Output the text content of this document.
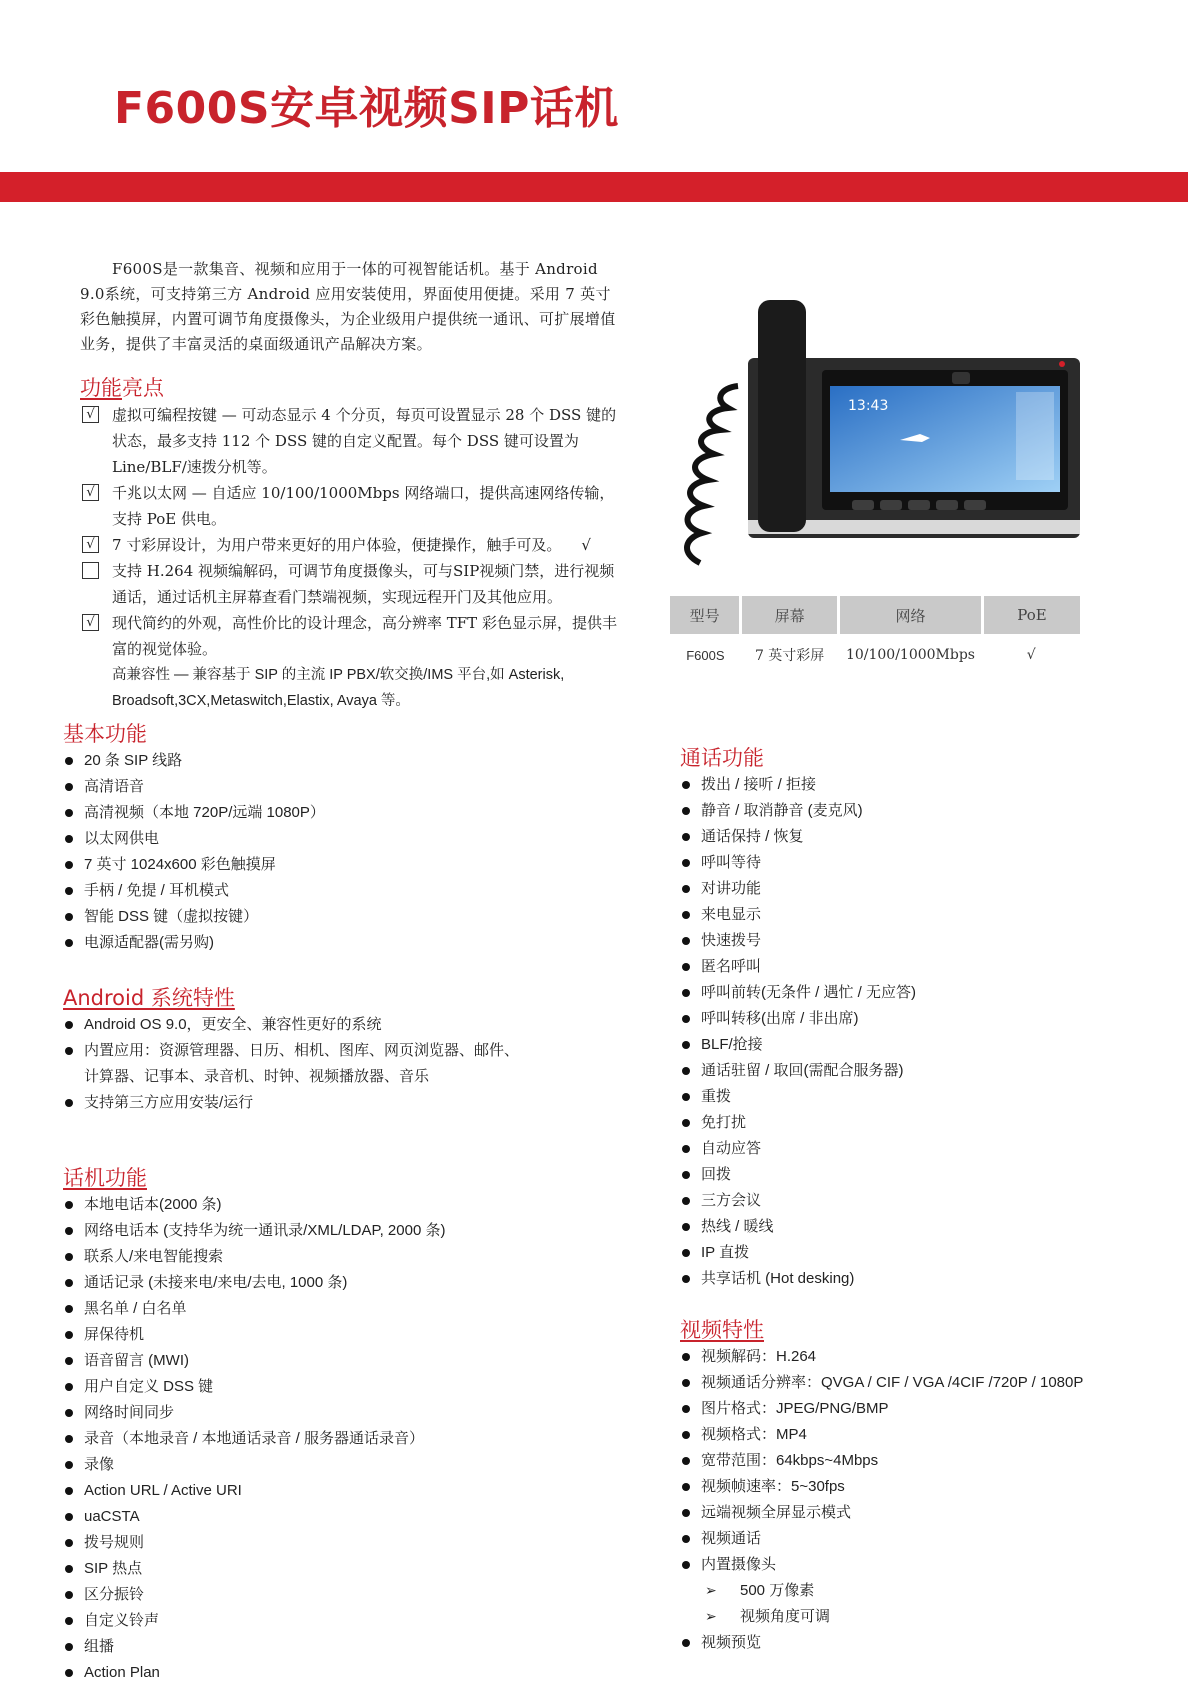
F600S安卓视频SIP话机

F600S是一款集音、视频和应用于一体的可视智能话机。基于 Android 9.0系统，可支持第三方 Android 应用安装使用，界面使用便捷。采用 7 英寸彩色触摸屏，内置可调节角度摄像头，为企业级用户提供统一通讯、可扩展增值业务，提供了丰富灵活的桌面级通讯产品解决方案。

功能亮点
√ 虚拟可编程按键 — 可动态显示 4 个分页，每页可设置显示 28 个 DSS 键的状态，最多支持 112 个 DSS 键的自定义配置。每个 DSS 键可设置为 Line/BLF/速拨分机等。
√ 千兆以太网 — 自适应 10/100/1000Mbps 网络端口，提供高速网络传输，支持 PoE 供电。
√ 7 寸彩屏设计，为用户带来更好的用户体验，便捷操作，触手可及。 √
支持 H.264 视频编解码，可调节角度摄像头，可与SIP视频门禁，进行视频通话，通过话机主屏幕查看门禁端视频，实现远程开门及其他应用。
√ 现代简约的外观，高性价比的设计理念，高分辨率 TFT 彩色显示屏，提供丰富的视觉体验。
高兼容性 — 兼容基于 SIP 的主流 IP PBX/软交换/IMS 平台,如 Asterisk, Broadsoft,3CX,Metaswitch,Elastix, Avaya 等。
13:43
型号	屏幕	网络	PoE
F600S	7 英寸彩屏	10/100/1000Mbps	√
基本功能
20 条 SIP 线路
高清语音
高清视频（本地 720P/远端 1080P）
以太网供电
7 英寸 1024x600 彩色触摸屏
手柄 / 免提 / 耳机模式
智能 DSS 键（虚拟按键）
电源适配器(需另购)
Android 系统特性
Android OS 9.0，更安全、兼容性更好的系统
内置应用：资源管理器、日历、相机、图库、网页浏览器、邮件、计算器、记事本、录音机、时钟、视频播放器、音乐
支持第三方应用安装/运行
话机功能
本地电话本(2000 条)
网络电话本 (支持华为统一通讯录/XML/LDAP, 2000 条)
联系人/来电智能搜索
通话记录 (未接来电/来电/去电, 1000 条)
黑名单 / 白名单
屏保待机
语音留言 (MWI)
用户自定义 DSS 键
网络时间同步
录音（本地录音 / 本地通话录音 / 服务器通话录音）
录像
Action URL / Active URI
uaCSTA
拨号规则
SIP 热点
区分振铃
自定义铃声
组播
Action Plan
通话功能
拨出 / 接听 / 拒接
静音 / 取消静音 (麦克风)
通话保持 / 恢复
呼叫等待
对讲功能
来电显示
快速拨号
匿名呼叫
呼叫前转(无条件 / 遇忙 / 无应答)
呼叫转移(出席 / 非出席)
BLF/抢接
通话驻留 / 取回(需配合服务器)
重拨
免打扰
自动应答
回拨
三方会议
热线 / 暖线
IP 直拨
共享话机 (Hot desking)
视频特性
视频解码：H.264
视频通话分辨率：QVGA / CIF / VGA /4CIF /720P / 1080P
图片格式：JPEG/PNG/BMP
视频格式：MP4
宽带范围：64kbps~4Mbps
视频帧速率：5~30fps
远端视频全屏显示模式
视频通话
内置摄像头
➢ 500 万像素
➢ 视频角度可调
视频预览
